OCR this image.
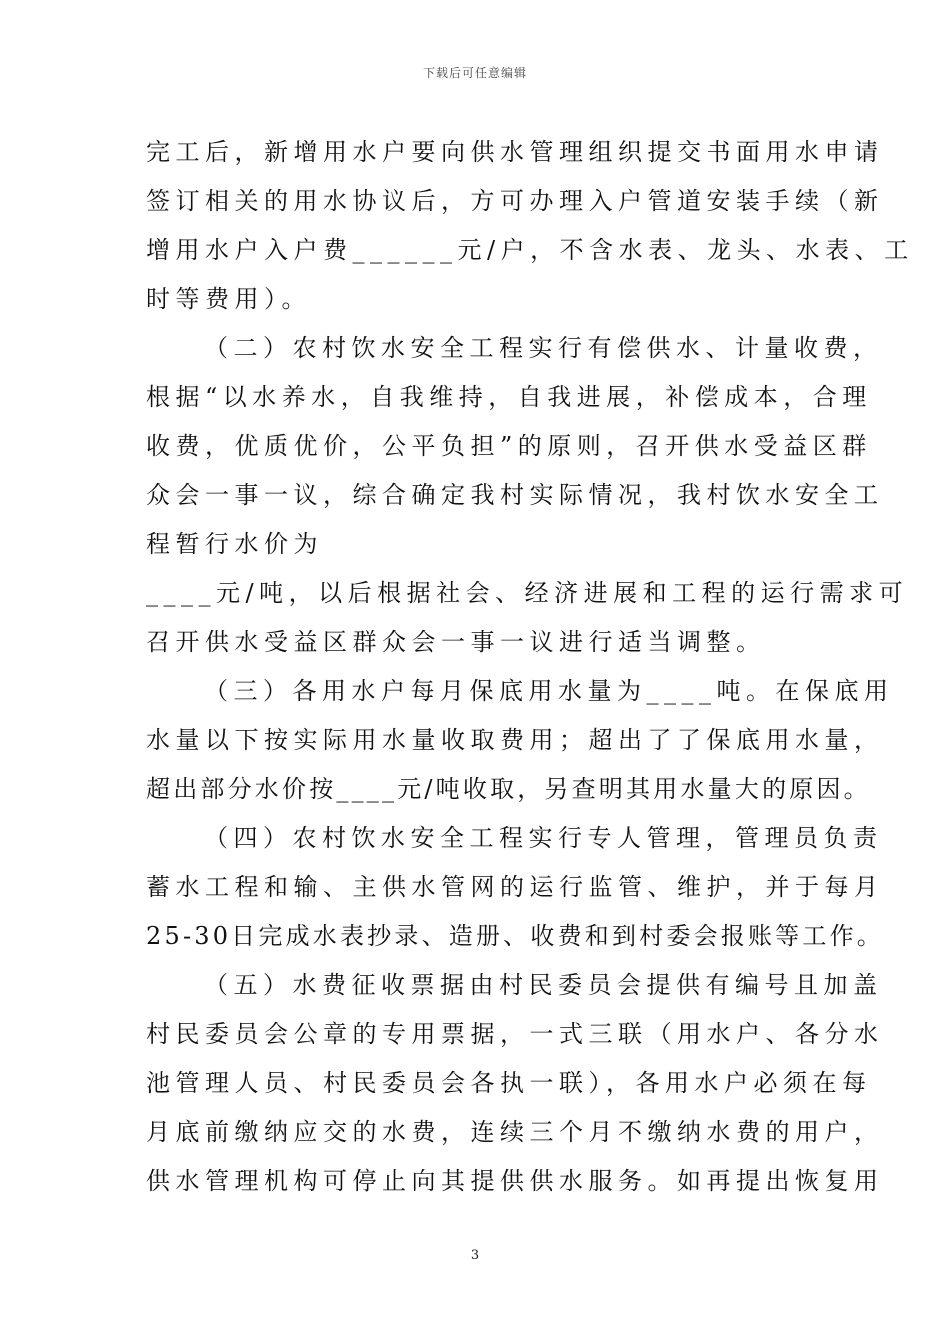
下载后可任意编辑
完工后，新增用水户要向供水管理组织提交书面用水申请
签订相关的用水协议后，方可办理入户管道安装手续（新
增用水户入户费______元/户，不含水表、龙头、水表、工
时等费用）。
（二）农村饮水安全工程实行有偿供水、计量收费，
根据“以水养水，自我维持，自我进展，补偿成本，合理
收费，优质优价，公平负担”的原则，召开供水受益区群
众会一事一议，综合确定我村实际情况，我村饮水安全工
程暂行水价为
____元/吨，以后根据社会、经济进展和工程的运行需求可
召开供水受益区群众会一事一议进行适当调整。
（三）各用水户每月保底用水量为____吨。在保底用
水量以下按实际用水量收取费用；超出了了保底用水量，
超出部分水价按____元/吨收取，另查明其用水量大的原因。
（四）农村饮水安全工程实行专人管理，管理员负责
蓄水工程和输、主供水管网的运行监管、维护，并于每月
25-30日完成水表抄录、造册、收费和到村委会报账等工作。
（五）水费征收票据由村民委员会提供有编号且加盖
村民委员会公章的专用票据，一式三联（用水户、各分水
池管理人员、村民委员会各执一联），各用水户必须在每
月底前缴纳应交的水费，连续三个月不缴纳水费的用户，
供水管理机构可停止向其提供供水服务。如再提出恢复用
3
